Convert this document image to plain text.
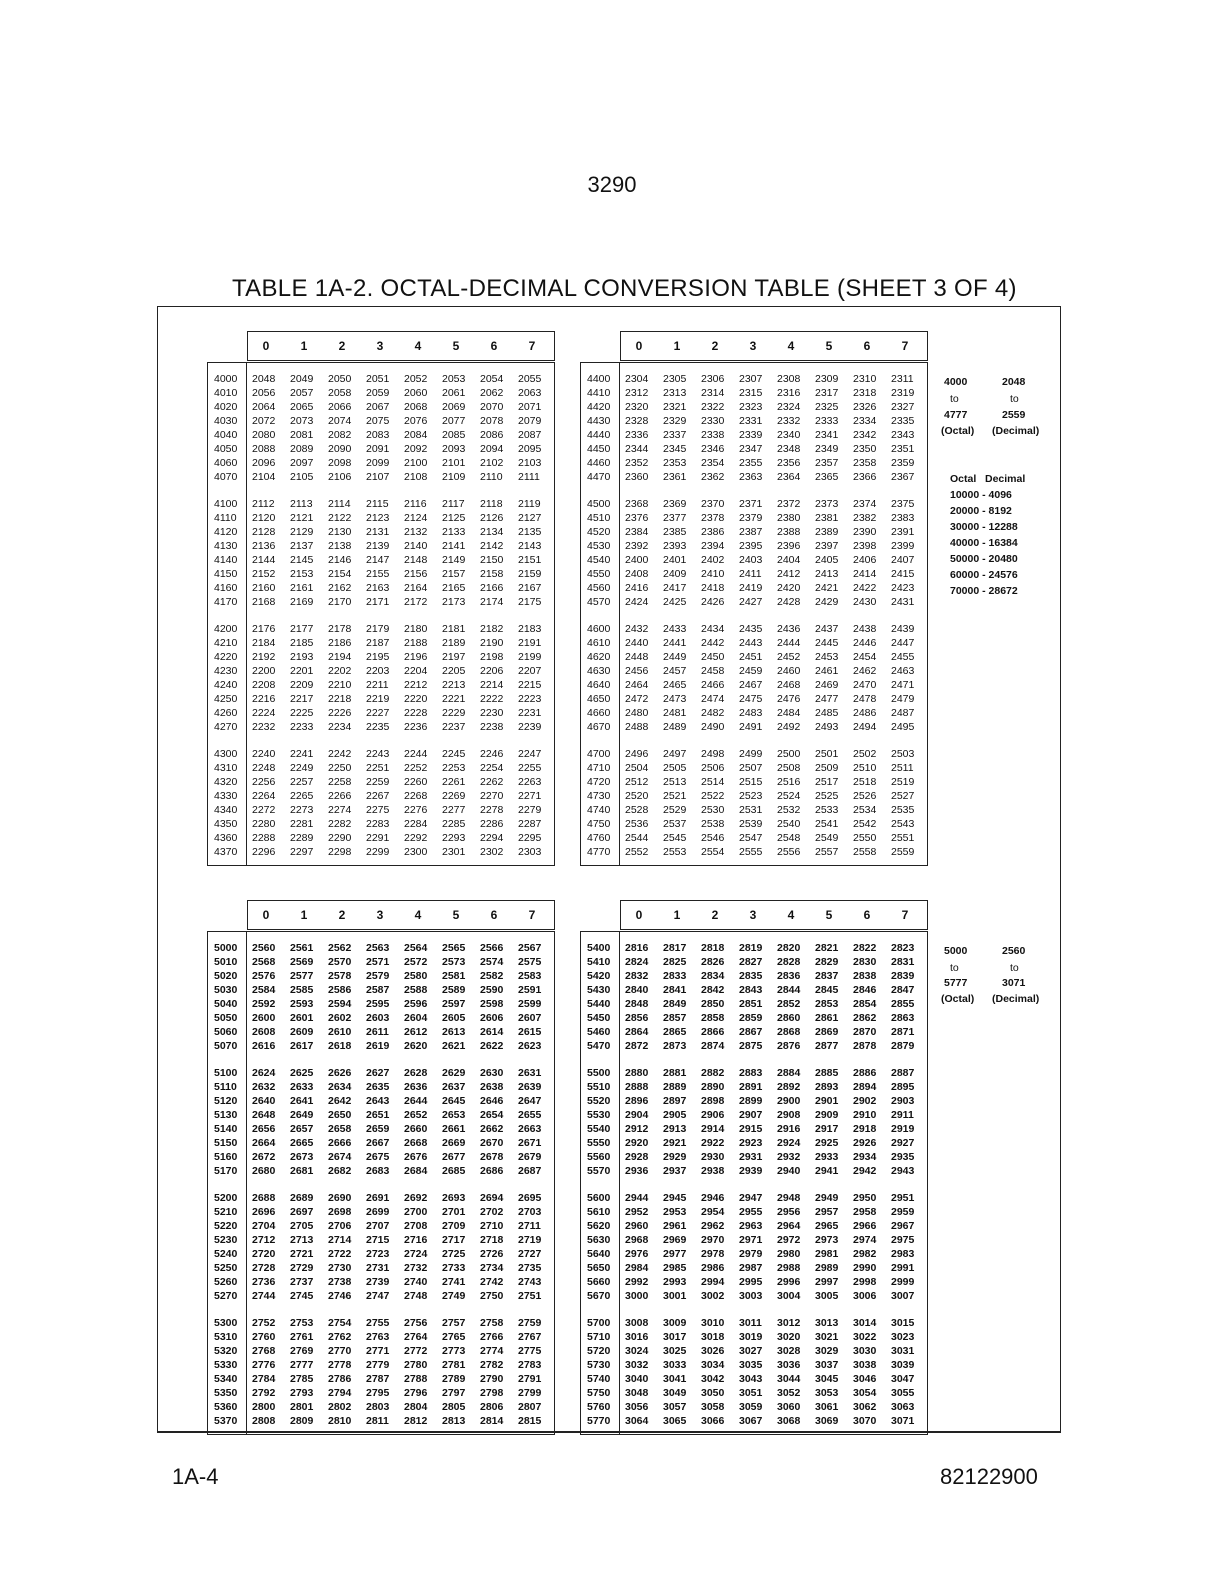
3290
TABLE 1A-2. OCTAL-DECIMAL CONVERSION TABLE (SHEET 3 OF 4)
0	1	2	3	4	5	6	7
4000	2048	2049	2050	2051	2052	2053	2054	2055
4010	2056	2057	2058	2059	2060	2061	2062	2063
4020	2064	2065	2066	2067	2068	2069	2070	2071
4030	2072	2073	2074	2075	2076	2077	2078	2079
4040	2080	2081	2082	2083	2084	2085	2086	2087
4050	2088	2089	2090	2091	2092	2093	2094	2095
4060	2096	2097	2098	2099	2100	2101	2102	2103
4070	2104	2105	2106	2107	2108	2109	2110	2111
4100	2112	2113	2114	2115	2116	2117	2118	2119
4110	2120	2121	2122	2123	2124	2125	2126	2127
4120	2128	2129	2130	2131	2132	2133	2134	2135
4130	2136	2137	2138	2139	2140	2141	2142	2143
4140	2144	2145	2146	2147	2148	2149	2150	2151
4150	2152	2153	2154	2155	2156	2157	2158	2159
4160	2160	2161	2162	2163	2164	2165	2166	2167
4170	2168	2169	2170	2171	2172	2173	2174	2175
4200	2176	2177	2178	2179	2180	2181	2182	2183
4210	2184	2185	2186	2187	2188	2189	2190	2191
4220	2192	2193	2194	2195	2196	2197	2198	2199
4230	2200	2201	2202	2203	2204	2205	2206	2207
4240	2208	2209	2210	2211	2212	2213	2214	2215
4250	2216	2217	2218	2219	2220	2221	2222	2223
4260	2224	2225	2226	2227	2228	2229	2230	2231
4270	2232	2233	2234	2235	2236	2237	2238	2239
4300	2240	2241	2242	2243	2244	2245	2246	2247
4310	2248	2249	2250	2251	2252	2253	2254	2255
4320	2256	2257	2258	2259	2260	2261	2262	2263
4330	2264	2265	2266	2267	2268	2269	2270	2271
4340	2272	2273	2274	2275	2276	2277	2278	2279
4350	2280	2281	2282	2283	2284	2285	2286	2287
4360	2288	2289	2290	2291	2292	2293	2294	2295
4370	2296	2297	2298	2299	2300	2301	2302	2303
0	1	2	3	4	5	6	7
4400	2304	2305	2306	2307	2308	2309	2310	2311
4410	2312	2313	2314	2315	2316	2317	2318	2319
4420	2320	2321	2322	2323	2324	2325	2326	2327
4430	2328	2329	2330	2331	2332	2333	2334	2335
4440	2336	2337	2338	2339	2340	2341	2342	2343
4450	2344	2345	2346	2347	2348	2349	2350	2351
4460	2352	2353	2354	2355	2356	2357	2358	2359
4470	2360	2361	2362	2363	2364	2365	2366	2367
4500	2368	2369	2370	2371	2372	2373	2374	2375
4510	2376	2377	2378	2379	2380	2381	2382	2383
4520	2384	2385	2386	2387	2388	2389	2390	2391
4530	2392	2393	2394	2395	2396	2397	2398	2399
4540	2400	2401	2402	2403	2404	2405	2406	2407
4550	2408	2409	2410	2411	2412	2413	2414	2415
4560	2416	2417	2418	2419	2420	2421	2422	2423
4570	2424	2425	2426	2427	2428	2429	2430	2431
4600	2432	2433	2434	2435	2436	2437	2438	2439
4610	2440	2441	2442	2443	2444	2445	2446	2447
4620	2448	2449	2450	2451	2452	2453	2454	2455
4630	2456	2457	2458	2459	2460	2461	2462	2463
4640	2464	2465	2466	2467	2468	2469	2470	2471
4650	2472	2473	2474	2475	2476	2477	2478	2479
4660	2480	2481	2482	2483	2484	2485	2486	2487
4670	2488	2489	2490	2491	2492	2493	2494	2495
4700	2496	2497	2498	2499	2500	2501	2502	2503
4710	2504	2505	2506	2507	2508	2509	2510	2511
4720	2512	2513	2514	2515	2516	2517	2518	2519
4730	2520	2521	2522	2523	2524	2525	2526	2527
4740	2528	2529	2530	2531	2532	2533	2534	2535
4750	2536	2537	2538	2539	2540	2541	2542	2543
4760	2544	2545	2546	2547	2548	2549	2550	2551
4770	2552	2553	2554	2555	2556	2557	2558	2559
0	1	2	3	4	5	6	7
5000	2560	2561	2562	2563	2564	2565	2566	2567
5010	2568	2569	2570	2571	2572	2573	2574	2575
5020	2576	2577	2578	2579	2580	2581	2582	2583
5030	2584	2585	2586	2587	2588	2589	2590	2591
5040	2592	2593	2594	2595	2596	2597	2598	2599
5050	2600	2601	2602	2603	2604	2605	2606	2607
5060	2608	2609	2610	2611	2612	2613	2614	2615
5070	2616	2617	2618	2619	2620	2621	2622	2623
5100	2624	2625	2626	2627	2628	2629	2630	2631
5110	2632	2633	2634	2635	2636	2637	2638	2639
5120	2640	2641	2642	2643	2644	2645	2646	2647
5130	2648	2649	2650	2651	2652	2653	2654	2655
5140	2656	2657	2658	2659	2660	2661	2662	2663
5150	2664	2665	2666	2667	2668	2669	2670	2671
5160	2672	2673	2674	2675	2676	2677	2678	2679
5170	2680	2681	2682	2683	2684	2685	2686	2687
5200	2688	2689	2690	2691	2692	2693	2694	2695
5210	2696	2697	2698	2699	2700	2701	2702	2703
5220	2704	2705	2706	2707	2708	2709	2710	2711
5230	2712	2713	2714	2715	2716	2717	2718	2719
5240	2720	2721	2722	2723	2724	2725	2726	2727
5250	2728	2729	2730	2731	2732	2733	2734	2735
5260	2736	2737	2738	2739	2740	2741	2742	2743
5270	2744	2745	2746	2747	2748	2749	2750	2751
5300	2752	2753	2754	2755	2756	2757	2758	2759
5310	2760	2761	2762	2763	2764	2765	2766	2767
5320	2768	2769	2770	2771	2772	2773	2774	2775
5330	2776	2777	2778	2779	2780	2781	2782	2783
5340	2784	2785	2786	2787	2788	2789	2790	2791
5350	2792	2793	2794	2795	2796	2797	2798	2799
5360	2800	2801	2802	2803	2804	2805	2806	2807
5370	2808	2809	2810	2811	2812	2813	2814	2815
0	1	2	3	4	5	6	7
5400	2816	2817	2818	2819	2820	2821	2822	2823
5410	2824	2825	2826	2827	2828	2829	2830	2831
5420	2832	2833	2834	2835	2836	2837	2838	2839
5430	2840	2841	2842	2843	2844	2845	2846	2847
5440	2848	2849	2850	2851	2852	2853	2854	2855
5450	2856	2857	2858	2859	2860	2861	2862	2863
5460	2864	2865	2866	2867	2868	2869	2870	2871
5470	2872	2873	2874	2875	2876	2877	2878	2879
5500	2880	2881	2882	2883	2884	2885	2886	2887
5510	2888	2889	2890	2891	2892	2893	2894	2895
5520	2896	2897	2898	2899	2900	2901	2902	2903
5530	2904	2905	2906	2907	2908	2909	2910	2911
5540	2912	2913	2914	2915	2916	2917	2918	2919
5550	2920	2921	2922	2923	2924	2925	2926	2927
5560	2928	2929	2930	2931	2932	2933	2934	2935
5570	2936	2937	2938	2939	2940	2941	2942	2943
5600	2944	2945	2946	2947	2948	2949	2950	2951
5610	2952	2953	2954	2955	2956	2957	2958	2959
5620	2960	2961	2962	2963	2964	2965	2966	2967
5630	2968	2969	2970	2971	2972	2973	2974	2975
5640	2976	2977	2978	2979	2980	2981	2982	2983
5650	2984	2985	2986	2987	2988	2989	2990	2991
5660	2992	2993	2994	2995	2996	2997	2998	2999
5670	3000	3001	3002	3003	3004	3005	3006	3007
5700	3008	3009	3010	3011	3012	3013	3014	3015
5710	3016	3017	3018	3019	3020	3021	3022	3023
5720	3024	3025	3026	3027	3028	3029	3030	3031
5730	3032	3033	3034	3035	3036	3037	3038	3039
5740	3040	3041	3042	3043	3044	3045	3046	3047
5750	3048	3049	3050	3051	3052	3053	3054	3055
5760	3056	3057	3058	3059	3060	3061	3062	3063
5770	3064	3065	3066	3067	3068	3069	3070	3071
4000	2048
to	to
4777	2559
(Octal) (Decimal)
Octal Decimal
10000 - 4096
20000 - 8192
30000 - 12288
40000 - 16384
50000 - 20480
60000 - 24576
70000 - 28672
5000	2560
to	to
5777	3071
(Octal) (Decimal)
1A-4	82122900
